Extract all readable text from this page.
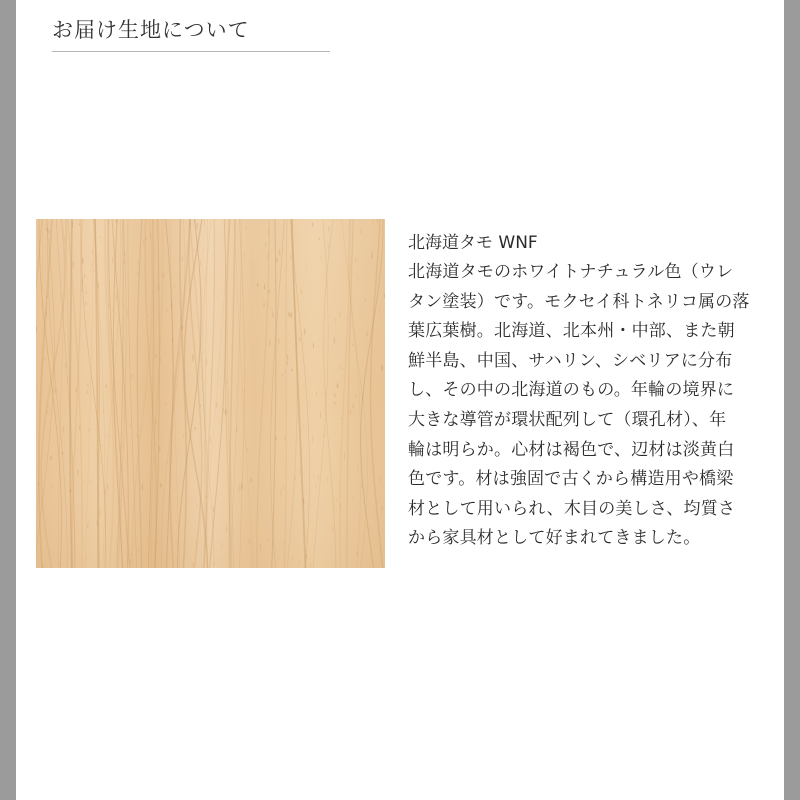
お届け生地について

北海道タモ WNF

北海道タモのホワイトナチュラル色（ウレ

タン塗装）です。モクセイ科トネリコ属の落

葉広葉樹。北海道、北本州・中部、また朝

鮮半島、中国、サハリン、シベリアに分布

し、その中の北海道のもの。年輪の境界に

大きな導管が環状配列して（環孔材）、年

輪は明らか。心材は褐色で、辺材は淡黄白

色です。材は強固で古くから構造用や橋梁

材として用いられ、木目の美しさ、均質さ

から家具材として好まれてきました。
